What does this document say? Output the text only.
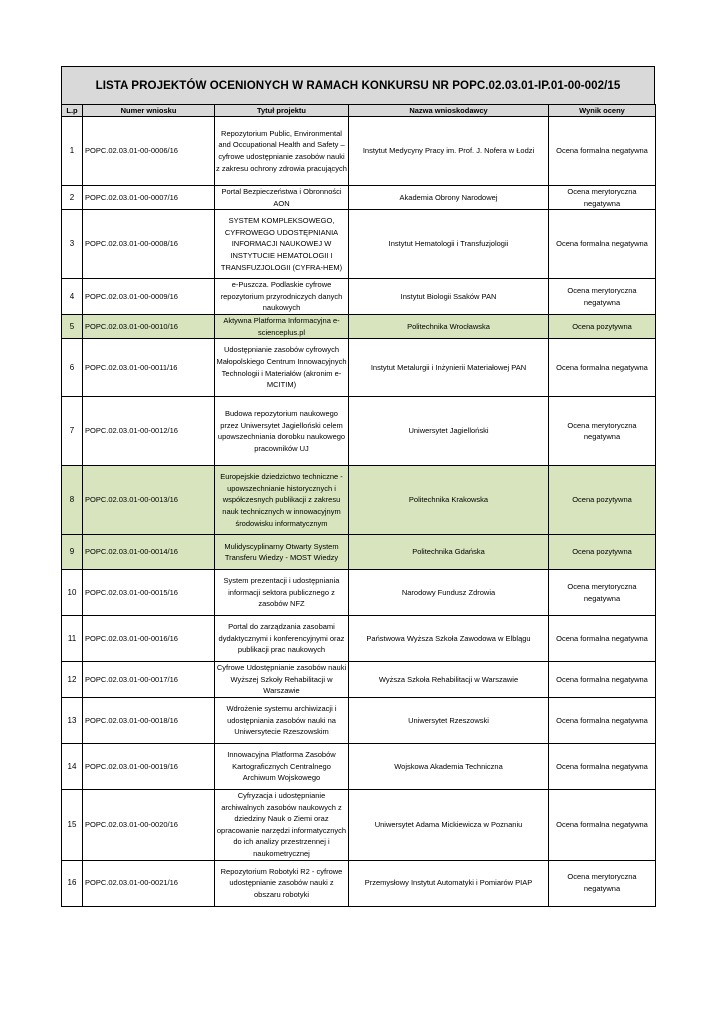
LISTA PROJEKTÓW OCENIONYCH W RAMACH KONKURSU NR POPC.02.03.01-IP.01-00-002/15
L.p	Numer wniosku	Tytuł projektu	Nazwa wnioskodawcy	Wynik oceny
1	POPC.02.03.01-00-0006/16	Repozytorium Public, Environmental and Occupational Health and Safety – cyfrowe udostępnianie zasobów nauki z zakresu ochrony zdrowia pracujących	Instytut Medycyny Pracy im. Prof. J. Nofera w Łodzi	Ocena formalna negatywna
2	POPC.02.03.01-00-0007/16	Portal Bezpieczeństwa i Obronności AON	Akademia Obrony Narodowej	Ocena merytoryczna negatywna
3	POPC.02.03.01-00-0008/16	SYSTEM KOMPLEKSOWEGO, CYFROWEGO UDOSTĘPNIANIA INFORMACJI NAUKOWEJ W INSTYTUCIE HEMATOLOGII I TRANSFUZJOLOGII (CYFRA-HEM)	Instytut Hematologii i Transfuzjologii	Ocena formalna negatywna
4	POPC.02.03.01-00-0009/16	e-Puszcza. Podlaskie cyfrowe repozytorium przyrodniczych danych naukowych	Instytut Biologii Ssaków PAN	Ocena merytoryczna negatywna
5	POPC.02.03.01-00-0010/16	Aktywna Platforma Informacyjna e-scienceplus.pl	Politechnika Wrocławska	Ocena pozytywna
6	POPC.02.03.01-00-0011/16	Udostępnianie zasobów cyfrowych Małopolskiego Centrum Innowacyjnych Technologii i Materiałów (akronim e-MCITIM)	Instytut Metalurgii i Inżynierii Materiałowej PAN	Ocena formalna negatywna
7	POPC.02.03.01-00-0012/16	Budowa repozytorium naukowego przez Uniwersytet Jagielloński celem upowszechniania dorobku naukowego pracowników UJ	Uniwersytet Jagielloński	Ocena merytoryczna negatywna
8	POPC.02.03.01-00-0013/16	Europejskie dziedzictwo techniczne - upowszechnianie historycznych i współczesnych publikacji z zakresu nauk technicznych w innowacyjnym środowisku informatycznym	Politechnika Krakowska	Ocena pozytywna
9	POPC.02.03.01-00-0014/16	Mulidyscyplinarny Otwarty System Transferu Wiedzy - MOST Wiedzy	Politechnika Gdańska	Ocena pozytywna
10	POPC.02.03.01-00-0015/16	System prezentacji i udostępniania informacji sektora publicznego z zasobów NFZ	Narodowy Fundusz Zdrowia	Ocena merytoryczna negatywna
11	POPC.02.03.01-00-0016/16	Portal do zarządzania zasobami dydaktycznymi i konferencyjnymi oraz publikacji prac naukowych	Państwowa Wyższa Szkoła Zawodowa w Elblągu	Ocena formalna negatywna
12	POPC.02.03.01-00-0017/16	Cyfrowe Udostępnianie zasobów nauki Wyższej Szkoły Rehabilitacji w Warszawie	Wyższa Szkoła Rehabilitacji w Warszawie	Ocena formalna negatywna
13	POPC.02.03.01-00-0018/16	Wdrożenie systemu archiwizacji i udostępniania zasobów nauki na Uniwersytecie Rzeszowskim	Uniwersytet Rzeszowski	Ocena formalna negatywna
14	POPC.02.03.01-00-0019/16	Innowacyjna Platforma Zasobów Kartograficznych Centralnego Archiwum Wojskowego	Wojskowa Akademia Techniczna	Ocena formalna negatywna
15	POPC.02.03.01-00-0020/16	Cyfryzacja i udostępnianie archiwalnych zasobów naukowych z dziedziny Nauk o Ziemi oraz opracowanie narzędzi informatycznych do ich analizy przestrzennej i naukometrycznej	Uniwersytet Adama Mickiewicza w Poznaniu	Ocena formalna negatywna
16	POPC.02.03.01-00-0021/16	Repozytorium Robotyki R2 - cyfrowe udostępnianie zasobów nauki z obszaru robotyki	Przemysłowy Instytut Automatyki i Pomiarów PIAP	Ocena merytoryczna negatywna
